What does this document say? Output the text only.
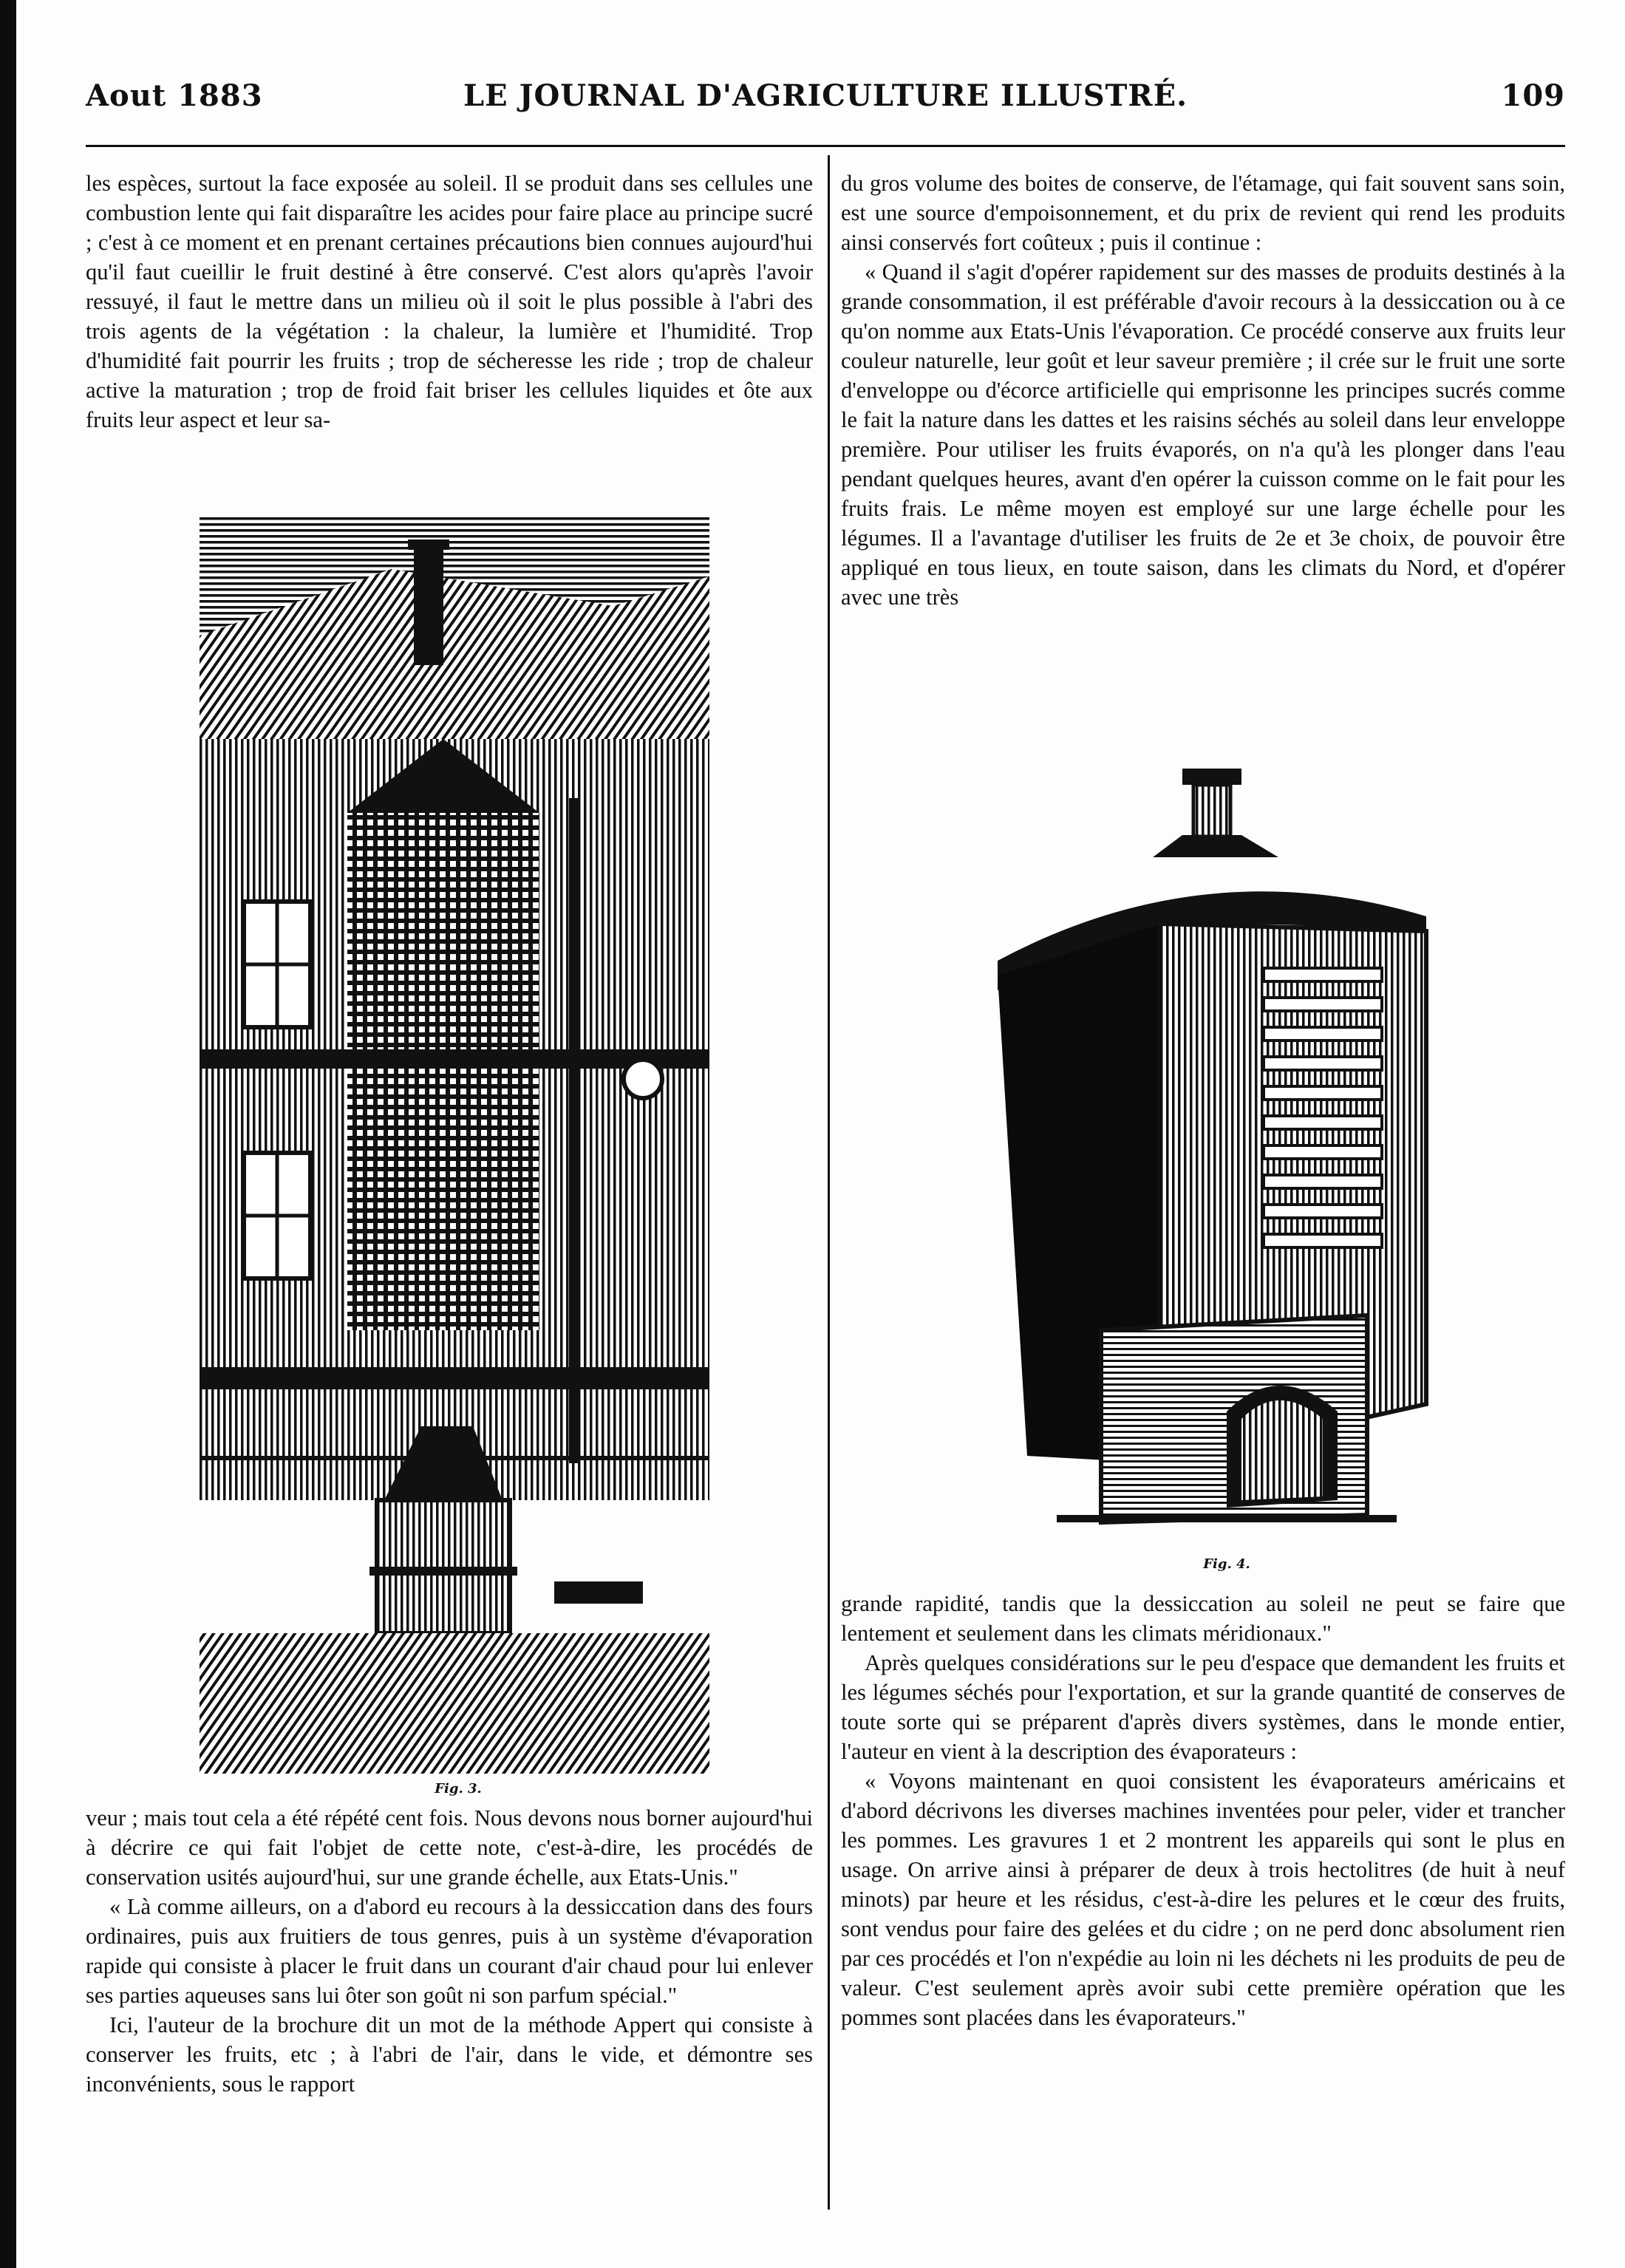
Aout 1883	LE JOURNAL D'AGRICULTURE ILLUSTRÉ.	109

les espèces, surtout la face exposée au soleil. Il se produit dans ses cellules une combustion lente qui fait disparaître les acides pour faire place au principe sucré ; c'est à ce moment et en prenant certaines précautions bien connues aujourd'hui qu'il faut cueillir le fruit destiné à être conservé. C'est alors qu'après l'avoir ressuyé, il faut le mettre dans un milieu où il soit le plus possible à l'abri des trois agents de la végétation : la chaleur, la lumière et l'humidité. Trop d'humidité fait pourrir les fruits ; trop de sécheresse les ride ; trop de chaleur active la maturation ; trop de froid fait briser les cellules liquides et ôte aux fruits leur aspect et leur sa-

Fig. 3.

veur ; mais tout cela a été répété cent fois. Nous devons nous borner aujourd'hui à décrire ce qui fait l'objet de cette note, c'est-à-dire, les procédés de conservation usités aujourd'hui, sur une grande échelle, aux Etats-Unis."

« Là comme ailleurs, on a d'abord eu recours à la dessiccation dans des fours ordinaires, puis aux fruitiers de tous genres, puis à un système d'évaporation rapide qui consiste à placer le fruit dans un courant d'air chaud pour lui enlever ses parties aqueuses sans lui ôter son goût ni son parfum spécial."

Ici, l'auteur de la brochure dit un mot de la méthode Appert qui consiste à conserver les fruits, etc ; à l'abri de l'air, dans le vide, et démontre ses inconvénients, sous le rapport

du gros volume des boites de conserve, de l'étamage, qui fait souvent sans soin, est une source d'empoisonnement, et du prix de revient qui rend les produits ainsi conservés fort coûteux ; puis il continue :

« Quand il s'agit d'opérer rapidement sur des masses de produits destinés à la grande consommation, il est préférable d'avoir recours à la dessiccation ou à ce qu'on nomme aux Etats-Unis l'évaporation. Ce procédé conserve aux fruits leur couleur naturelle, leur goût et leur saveur première ; il crée sur le fruit une sorte d'enveloppe ou d'écorce artificielle qui emprisonne les principes sucrés comme le fait la nature dans les dattes et les raisins séchés au soleil dans leur enveloppe première. Pour utiliser les fruits évaporés, on n'a qu'à les plonger dans l'eau pendant quelques heures, avant d'en opérer la cuisson comme on le fait pour les fruits frais. Le même moyen est employé sur une large échelle pour les légumes. Il a l'avantage d'utiliser les fruits de 2e et 3e choix, de pouvoir être appliqué en tous lieux, en toute saison, dans les climats du Nord, et d'opérer avec une très

Fig. 4.

grande rapidité, tandis que la dessiccation au soleil ne peut se faire que lentement et seulement dans les climats méridionaux."

Après quelques considérations sur le peu d'espace que demandent les fruits et les légumes séchés pour l'exportation, et sur la grande quantité de conserves de toute sorte qui se préparent d'après divers systèmes, dans le monde entier, l'auteur en vient à la description des évaporateurs :

« Voyons maintenant en quoi consistent les évaporateurs américains et d'abord décrivons les diverses machines inventées pour peler, vider et trancher les pommes. Les gravures 1 et 2 montrent les appareils qui sont le plus en usage. On arrive ainsi à préparer de deux à trois hectolitres (de huit à neuf minots) par heure et les résidus, c'est-à-dire les pelures et le cœur des fruits, sont vendus pour faire des gelées et du cidre ; on ne perd donc absolument rien par ces procédés et l'on n'expédie au loin ni les déchets ni les produits de peu de valeur. C'est seulement après avoir subi cette première opération que les pommes sont placées dans les évaporateurs."
